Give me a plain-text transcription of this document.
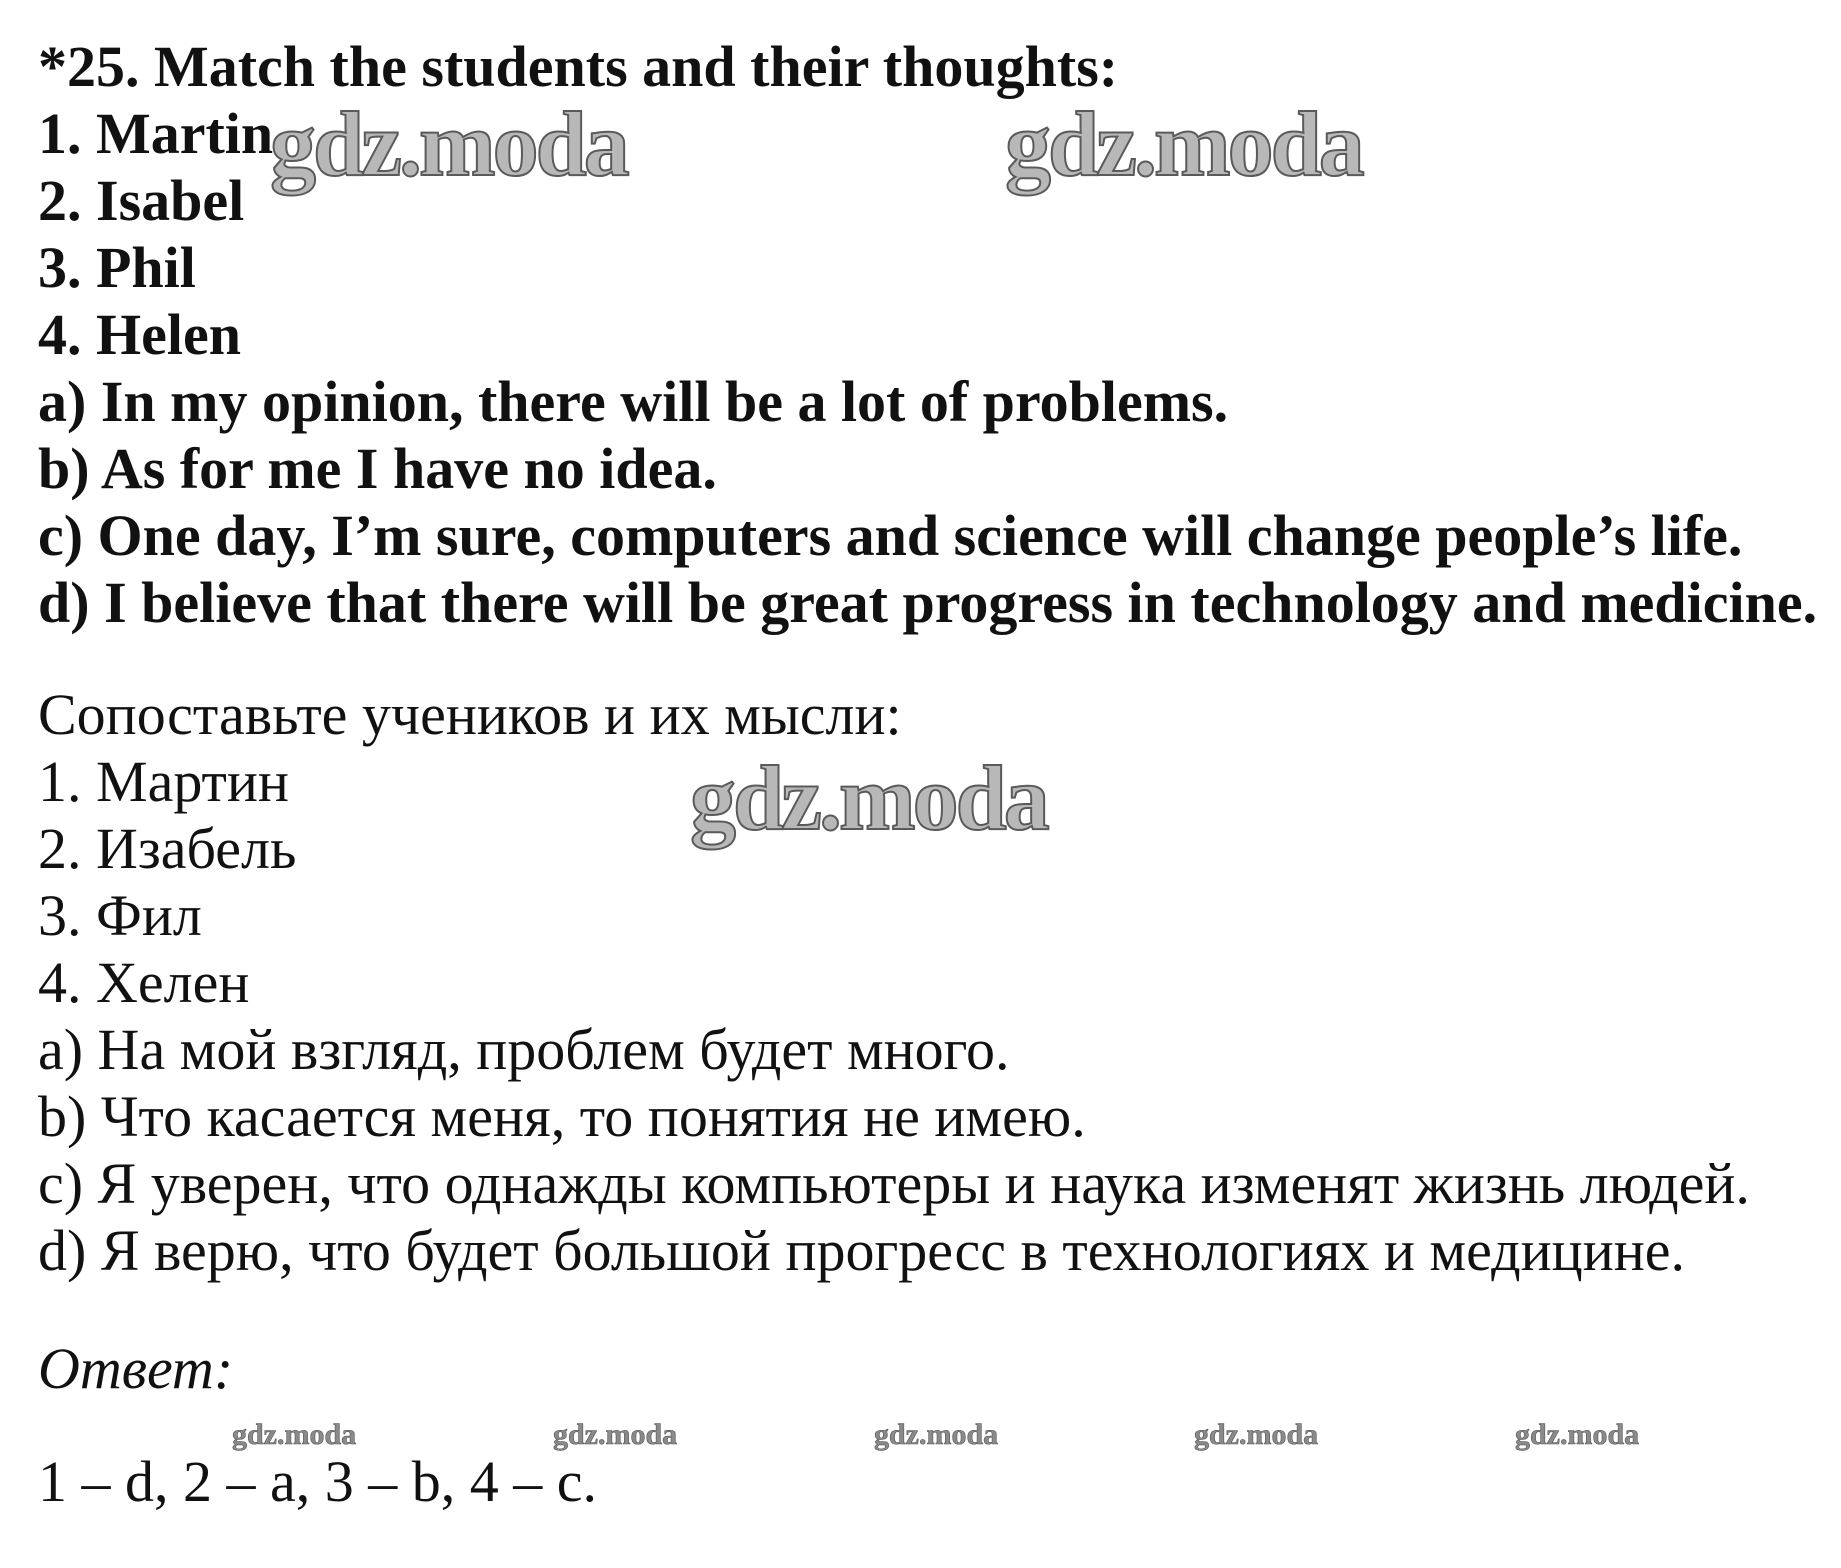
*25. Match the students and their thoughts:
1. Martin
2. Isabel
3. Phil
4. Helen
a) In my opinion, there will be a lot of problems.
b) As for me I have no idea.
c) One day, I’m sure, computers and science will change people’s life.
d) I believe that there will be great progress in technology and medicine.
Сопоставьте учеников и их мысли:
1. Мартин
2. Изабель
3. Фил
4. Хелен
а) На мой взгляд, проблем будет много.
b) Что касается меня, то понятия не имею.
с) Я уверен, что однажды компьютеры и наука изменят жизнь людей.
d) Я верю, что будет большой прогресс в технологиях и медицине.
Ответ:
1 – d, 2 – a, 3 – b, 4 – c.
gdz.moda	gdz.moda
gdz.moda
gdz.moda	gdz.moda	gdz.moda	gdz.moda	gdz.moda
